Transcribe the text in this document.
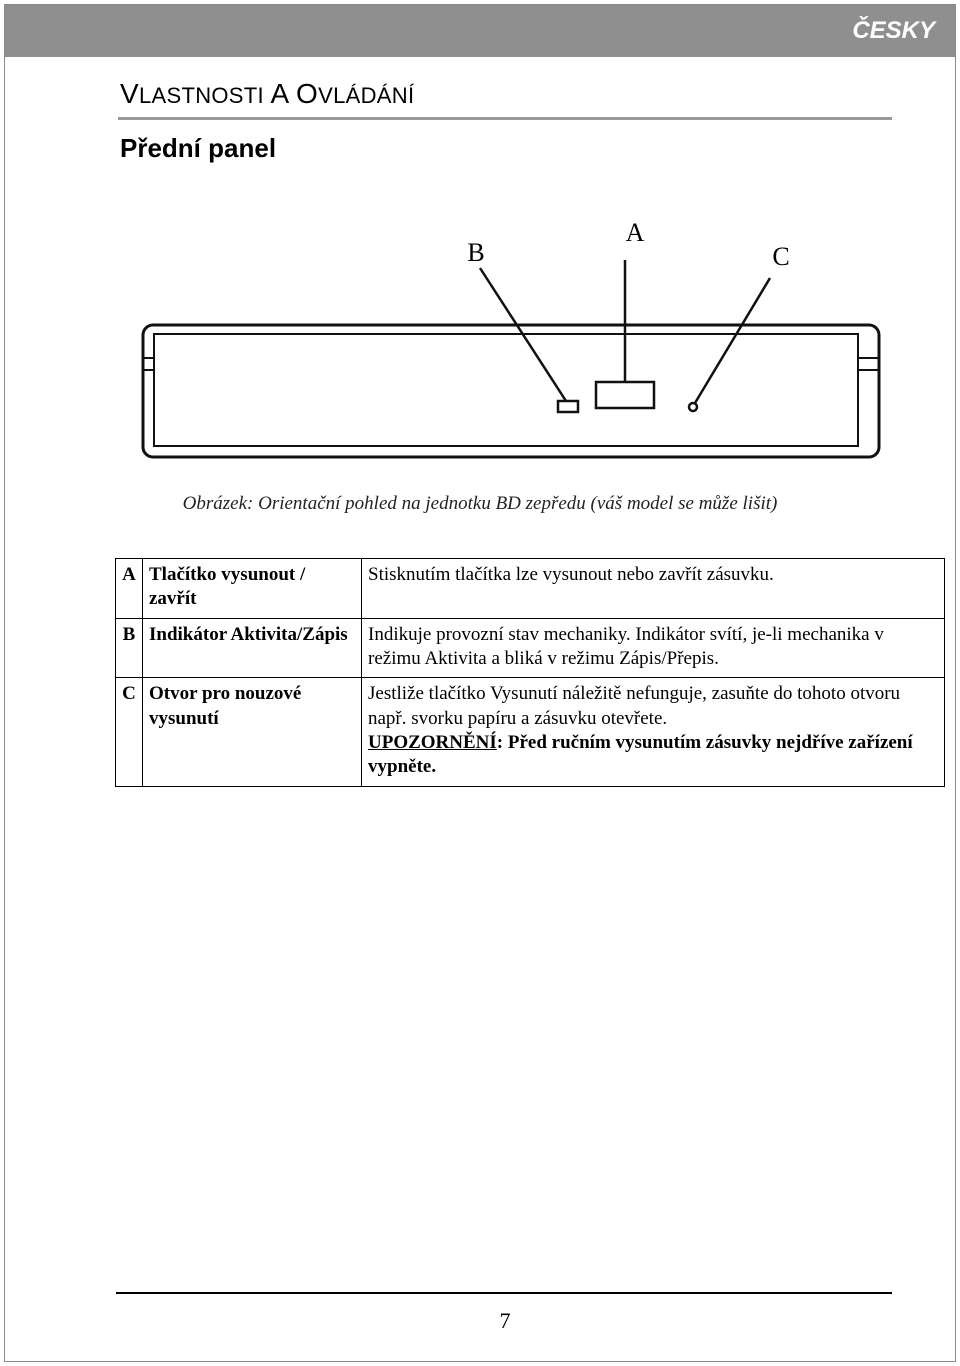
ČESKY
VLASTNOSTI A OVLÁDÁNÍ
Přední panel
A
B	C
Obrázek: Orientační pohled na jednotku BD zepředu (váš model se může lišit)
A	Tlačítko vysunout / zavřít	Stisknutím tlačítka lze vysunout nebo zavřít zásuvku.
B	Indikátor Aktivita/Zápis	Indikuje provozní stav mechaniky. Indikátor svítí, je-li mechanika v režimu Aktivita a bliká v režimu Zápis/Přepis.
C	Otvor pro nouzové vysunutí	Jestliže tlačítko Vysunutí náležitě nefunguje, zasuňte do tohoto otvoru např. svorku papíru a zásuvku otevřete.
UPOZORNĚNÍ: Před ručním vysunutím zásuvky nejdříve zařízení vypněte.
7
